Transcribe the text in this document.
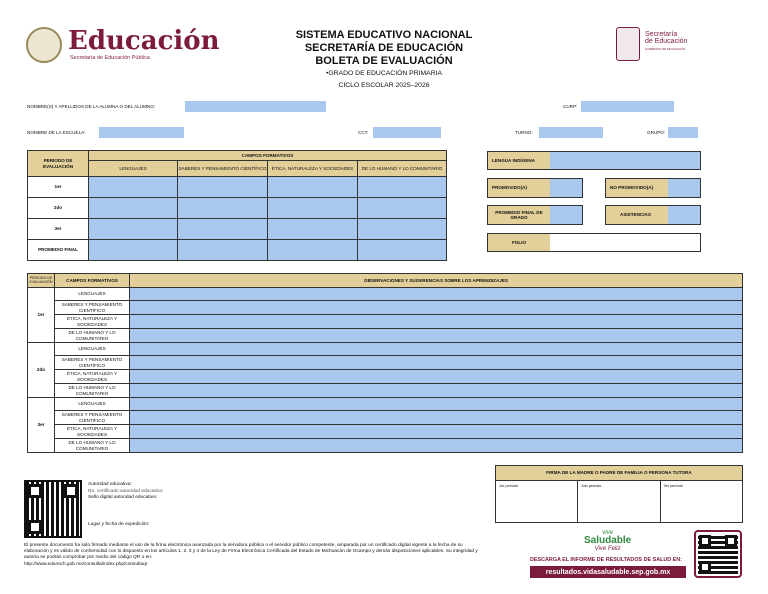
Educación
Secretaría de Educación Pública
SISTEMA EDUCATIVO NACIONAL
SECRETARÍA DE EDUCACIÓN
BOLETA DE EVALUACIÓN
•GRADO DE EDUCACIÓN PRIMARIA
CICLO ESCOLAR 2025–2026
Secretaría
de Educación
GOBIERNO DE MICHOACÁN
NOMBRE(S) Y APELLIDOS DE LA ALUMNA O DEL ALUMNO:	CURP:
NOMBRE DE LA ESCUELA:	CCT:	TURNO:	GRUPO:
PERIODO DE EVALUACIÓN	CAMPOS FORMATIVOS			
	LENGUAJES	SABERES Y PENSAMIENTO CIENTÍFICO	ÉTICA, NATURALEZA Y SOCIEDADES	DE LO HUMANO Y LO COMUNITARIO
1er				
2do				
3er				
PROMEDIO FINAL				
LENGUA INDÍGENA
PROMOVIDO(A)	NO PROMOVIDO(A)
PROMEDIO FINAL DE GRADO
ASISTENCIAS
FOLIO
PERIODO DE EVALUACIÓN	CAMPOS FORMATIVOS	OBSERVACIONES Y SUGERENCIAS SOBRE LOS APRENDIZAJES
1er	LENGUAJES	
	SABERES Y PENSAMIENTO CIENTÍFICO	
	ÉTICA, NATURALEZA Y SOCIEDADES	
	DE LO HUMANO Y LO COMUNITARIO	
2do	LENGUAJES	
	SABERES Y PENSAMIENTO CIENTÍFICO	
	ÉTICA, NATURALEZA Y SOCIEDADES	
	DE LO HUMANO Y LO COMUNITARIO	
3er	LENGUAJES	
	SABERES Y PENSAMIENTO CIENTÍFICO	
	ÉTICA, NATURALEZA Y SOCIEDADES	
	DE LO HUMANO Y LO COMUNITARIO	
FIRMA DE LA MADRE O PADRE DE FAMILIA O PERSONA TUTORA
1er periodo	2do periodo	3er periodo
Autoridad educativa:
No. certificado autoridad educativa:
Sello digital autoridad educativa:
Lugar y fecha de expedición:
El presente documento ha sido firmado mediante el uso de la firma electrónica avanzada por la servidora pública o el servidor público competente, amparada por un certificado digital vigente a la fecha de su elaboración y es válido de conformidad con lo dispuesto en los artículos 1, 2, 3 y 4 de la Ley de Firma Electrónica Certificada del Estado de Michoacán de Ocampo y demás disposiciones aplicables. Su integridad y autoría se podrán comprobar por medio del código QR o en:
http://www.edumich.gob.mx/consulta/index.php/consultaqr
vive
Saludable
Vive Feliz
DESCARGA EL INFORME DE RESULTADOS DE SALUD EN:
resultados.vidasaludable.sep.gob.mx
